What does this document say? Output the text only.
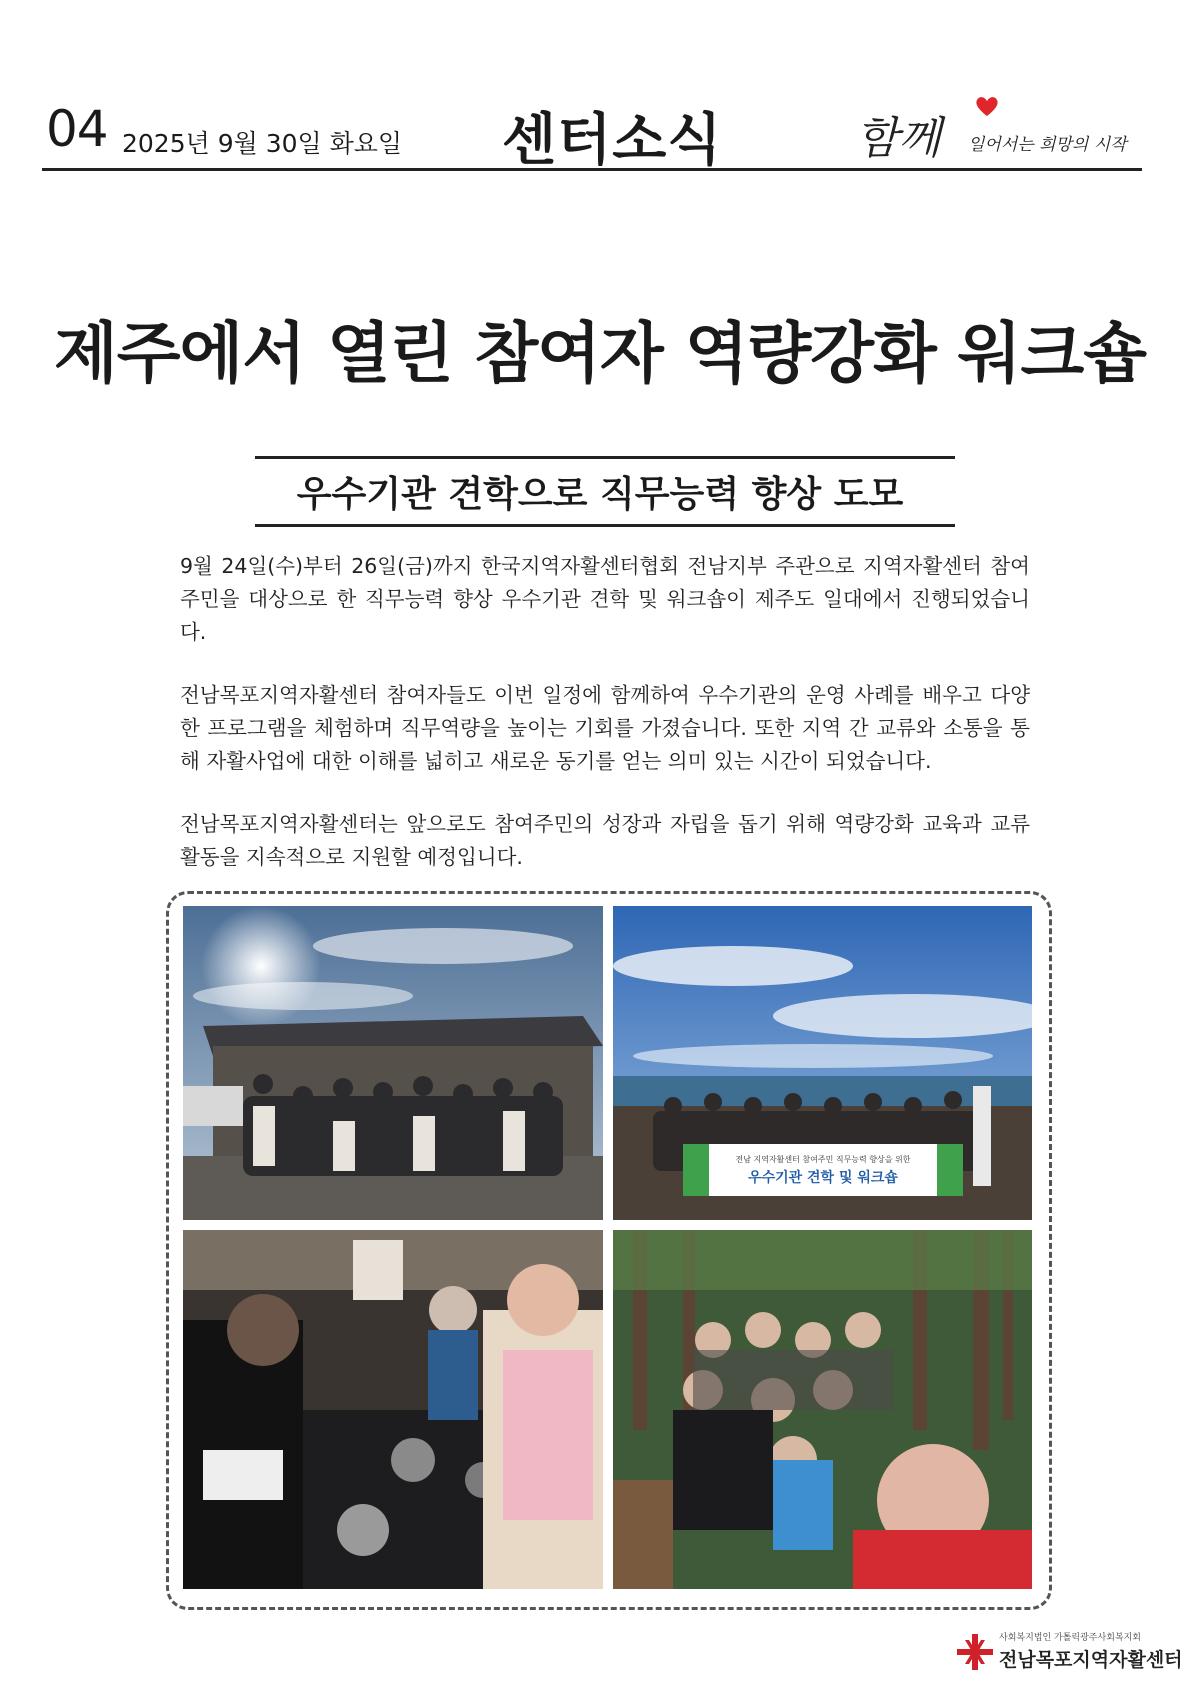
04 2025년 9월 30일 화요일 센터소식	함께 일어서는 희망의 시작
제주에서 열린 참여자 역량강화 워크숍
우수기관 견학으로 직무능력 향상 도모

9월 24일(수)부터 26일(금)까지 한국지역자활센터협회 전남지부 주관으로 지역자활센터 참여주민을 대상으로 한 직무능력 향상 우수기관 견학 및 워크숍이 제주도 일대에서 진행되었습니다.

전남목포지역자활센터 참여자들도 이번 일정에 함께하여 우수기관의 운영 사례를 배우고 다양한 프로그램을 체험하며 직무역량을 높이는 기회를 가졌습니다. 또한 지역 간 교류와 소통을 통해 자활사업에 대한 이해를 넓히고 새로운 동기를 얻는 의미 있는 시간이 되었습니다.

전남목포지역자활센터는 앞으로도 참여주민의 성장과 자립을 돕기 위해 역량강화 교육과 교류 활동을 지속적으로 지원할 예정입니다.

전남 지역자활센터 참여주민 직무능력 향상을 위한
우수기관 견학 및 워크숍
사회복지법인 가톨릭광주사회복지회
전남목포지역자활센터
